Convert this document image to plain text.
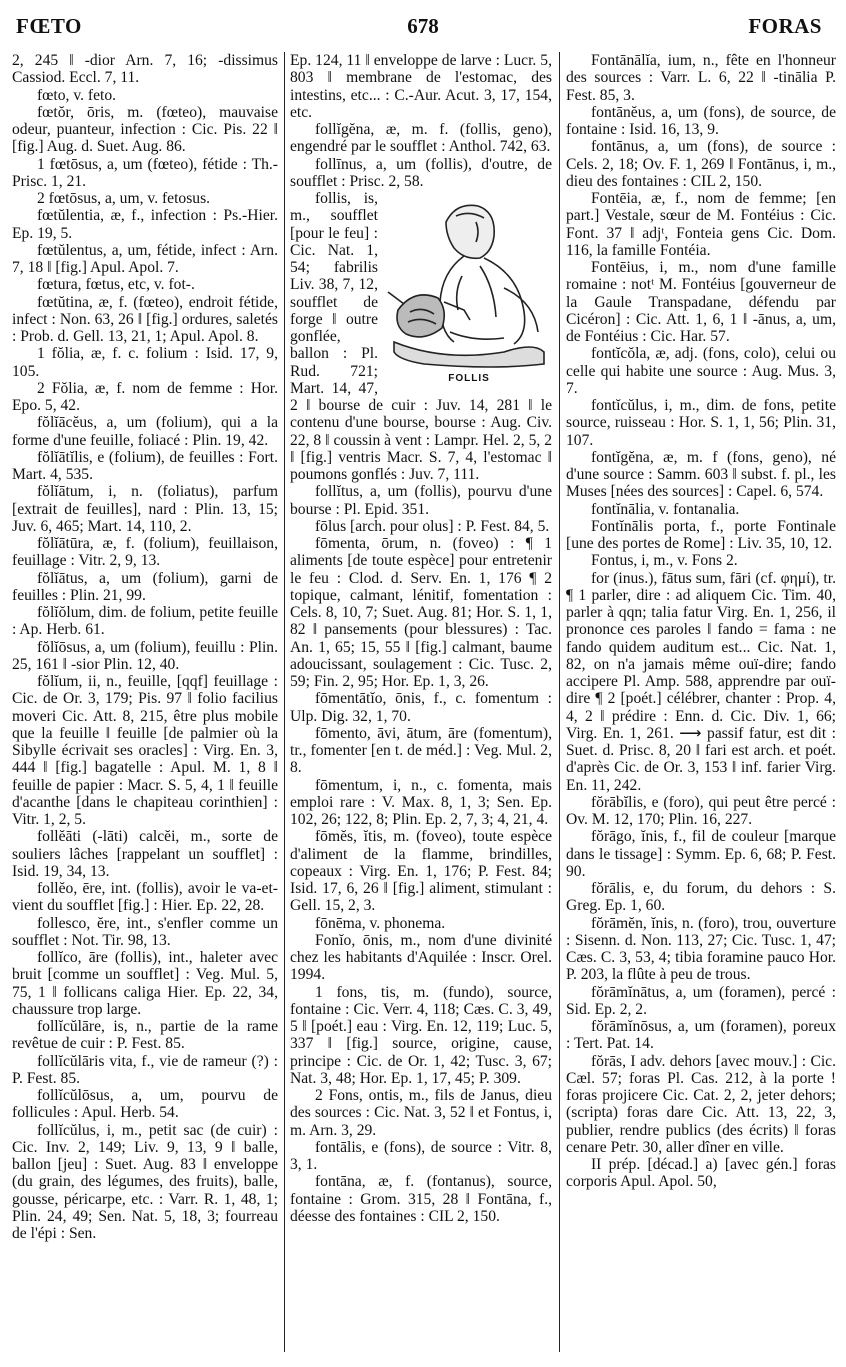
FŒTO	678	FORAS

2, 245 ‖ -dior Arn. 7, 16; -dissimus Cassiod. Eccl. 7, 11.

fœto, v. feto.

fœtŏr, ōris, m. (fœteo), mauvaise odeur, puanteur, infection : Cic. Pis. 22 ‖ [fig.] Aug. d. Suet. Aug. 86.

1 fœtōsus, a, um (fœteo), fétide : Th.-Prisc. 1, 21.

2 fœtōsus, a, um, v. fetosus.

fœtŭlentia, æ, f., infection : Ps.-Hier. Ep. 19, 5.

fœtŭlentus, a, um, fétide, infect : Arn. 7, 18 ‖ [fig.] Apul. Apol. 7.

fœtura, fœtus, etc, v. fot-.

fœtŭtina, æ, f. (fœteo), endroit fétide, infect : Non. 63, 26 ‖ [fig.] ordures, saletés : Prob. d. Gell. 13, 21, 1; Apul. Apol. 8.

1 fŏlia, æ, f. c. folium : Isid. 17, 9, 105.

2 Fŏlia, æ, f. nom de femme : Hor. Epo. 5, 42.

fŏlĭācĕus, a, um (folium), qui a la forme d'une feuille, foliacé : Plin. 19, 42.

fŏlĭātĭlis, e (folium), de feuilles : Fort. Mart. 4, 535.

fŏlĭātum, i, n. (foliatus), parfum [extrait de feuilles], nard : Plin. 13, 15; Juv. 6, 465; Mart. 14, 110, 2.

fŏlĭātūra, æ, f. (folium), feuillaison, feuillage : Vitr. 2, 9, 13.

fŏlĭātus, a, um (folium), garni de feuilles : Plin. 21, 99.

fŏlĭŏlum, dim. de folium, petite feuille : Ap. Herb. 61.

fŏlĭōsus, a, um (folium), feuillu : Plin. 25, 161 ‖ -sior Plin. 12, 40.

fŏlĭum, ii, n., feuille, [qqf] feuillage : Cic. de Or. 3, 179; Pis. 97 ‖ folio facilius moveri Cic. Att. 8, 215, être plus mobile que la feuille ‖ feuille [de palmier où la Sibylle écrivait ses oracles] : Virg. En. 3, 444 ‖ [fig.] bagatelle : Apul. M. 1, 8 ‖ feuille de papier : Macr. S. 5, 4, 1 ‖ feuille d'acanthe [dans le chapiteau corinthien] : Vitr. 1, 2, 5.

follĕāti (-lāti) calcĕi, m., sorte de souliers lâches [rappelant un soufflet] : Isid. 19, 34, 13.

follĕo, ēre, int. (follis), avoir le va-et-vient du soufflet [fig.] : Hier. Ep. 22, 28.

follesco, ĕre, int., s'enfler comme un soufflet : Not. Tir. 98, 13.

follĭco, āre (follis), int., haleter avec bruit [comme un soufflet] : Veg. Mul. 5, 75, 1 ‖ follicans caliga Hier. Ep. 22, 34, chaussure trop large.

follĭcŭlāre, is, n., partie de la rame revêtue de cuir : P. Fest. 85.

follĭcŭlāris vita, f., vie de rameur (?) : P. Fest. 85.

follĭcŭlōsus, a, um, pourvu de follicules : Apul. Herb. 54.

follĭcŭlus, i, m., petit sac (de cuir) : Cic. Inv. 2, 149; Liv. 9, 13, 9 ‖ balle, ballon [jeu] : Suet. Aug. 83 ‖ enveloppe (du grain, des légumes, des fruits), balle, gousse, péricarpe, etc. : Varr. R. 1, 48, 1; Plin. 24, 49; Sen. Nat. 5, 18, 3; fourreau de l'épi : Sen.

Ep. 124, 11 ‖ enveloppe de larve : Lucr. 5, 803 ‖ membrane de l'estomac, des intestins, etc... : C.-Aur. Acut. 3, 17, 154, etc.

follĭgĕna, æ, m. f. (follis, geno), engendré par le soufflet : Anthol. 742, 63.

follīnus, a, um (follis), d'outre, de soufflet : Prisc. 2, 58.

FOLLIS

follis, is, m., soufflet [pour le feu] : Cic. Nat. 1, 54; fabrilis Liv. 38, 7, 12, soufflet de forge ‖ outre gonflée, ballon : Pl. Rud. 721; Mart. 14, 47, 2 ‖ bourse de cuir : Juv. 14, 281 ‖ le contenu d'une bourse, bourse : Aug. Civ. 22, 8 ‖ coussin à vent : Lampr. Hel. 2, 5, 2 ‖ [fig.] ventris Macr. S. 7, 4, l'estomac ‖ poumons gonflés : Juv. 7, 111.

follĭtus, a, um (follis), pourvu d'une bourse : Pl. Epid. 351.

fōlus [arch. pour olus] : P. Fest. 84, 5.

fōmenta, ōrum, n. (foveo) : ¶ 1 aliments [de toute espèce] pour entretenir le feu : Clod. d. Serv. En. 1, 176 ¶ 2 topique, calmant, lénitif, fomentation : Cels. 8, 10, 7; Suet. Aug. 81; Hor. S. 1, 1, 82 ‖ pansements (pour blessures) : Tac. An. 1, 65; 15, 55 ‖ [fig.] calmant, baume adoucissant, soulagement : Cic. Tusc. 2, 59; Fin. 2, 95; Hor. Ep. 1, 3, 26.

fōmentātĭo, ōnis, f., c. fomentum : Ulp. Dig. 32, 1, 70.

fōmento, āvi, ātum, āre (fomentum), tr., fomenter [en t. de méd.] : Veg. Mul. 2, 8.

fōmentum, i, n., c. fomenta, mais emploi rare : V. Max. 8, 1, 3; Sen. Ep. 102, 26; 122, 8; Plin. Ep. 2, 7, 3; 4, 21, 4.

fōmĕs, ĭtis, m. (foveo), toute espèce d'aliment de la flamme, brindilles, copeaux : Virg. En. 1, 176; P. Fest. 84; Isid. 17, 6, 26 ‖ [fig.] aliment, stimulant : Gell. 15, 2, 3.

fōnēma, v. phonema.

Fonĭo, ōnis, m., nom d'une divinité chez les habitants d'Aquilée : Inscr. Orel. 1994.

1 fons, tis, m. (fundo), source, fontaine : Cic. Verr. 4, 118; Cæs. C. 3, 49, 5 ‖ [poét.] eau : Virg. En. 12, 119; Luc. 5, 337 ‖ [fig.] source, origine, cause, principe : Cic. de Or. 1, 42; Tusc. 3, 67; Nat. 3, 48; Hor. Ep. 1, 17, 45; P. 309.

2 Fons, ontis, m., fils de Janus, dieu des sources : Cic. Nat. 3, 52 ‖ et Fontus, i, m. Arn. 3, 29.

fontālis, e (fons), de source : Vitr. 8, 3, 1.

fontāna, æ, f. (fontanus), source, fontaine : Grom. 315, 28 ‖ Fontāna, f., déesse des fontaines : CIL 2, 150.

Fontānālĭa, ium, n., fête en l'honneur des sources : Varr. L. 6, 22 ‖ -tinālia P. Fest. 85, 3.

fontānĕus, a, um (fons), de source, de fontaine : Isid. 16, 13, 9.

fontānus, a, um (fons), de source : Cels. 2, 18; Ov. F. 1, 269 ‖ Fontānus, i, m., dieu des fontaines : CIL 2, 150.

Fontēia, æ, f., nom de femme; [en part.] Vestale, sœur de M. Fontéius : Cic. Font. 37 ‖ adjᵗ, Fonteia gens Cic. Dom. 116, la famille Fontéia.

Fontēius, i, m., nom d'une famille romaine : notᵗ M. Fontéius [gouverneur de la Gaule Transpadane, défendu par Cicéron] : Cic. Att. 1, 6, 1 ‖ -ānus, a, um, de Fontéius : Cic. Har. 57.

fontĭcŏla, æ, adj. (fons, colo), celui ou celle qui habite une source : Aug. Mus. 3, 7.

fontĭcŭlus, i, m., dim. de fons, petite source, ruisseau : Hor. S. 1, 1, 56; Plin. 31, 107.

fontĭgĕna, æ, m. f (fons, geno), né d'une source : Samm. 603 ‖ subst. f. pl., les Muses [nées des sources] : Capel. 6, 574.

fontĭnālia, v. fontanalia.

Fontĭnālis porta, f., porte Fontinale [une des portes de Rome] : Liv. 35, 10, 12.

Fontus, i, m., v. Fons 2.

for (inus.), fātus sum, fāri (cf. φημί), tr. ¶ 1 parler, dire : ad aliquem Cic. Tim. 40, parler à qqn; talia fatur Virg. En. 1, 256, il prononce ces paroles ‖ fando = fama : ne fando quidem auditum est... Cic. Nat. 1, 82, on n'a jamais même ouï-dire; fando accipere Pl. Amp. 588, apprendre par ouï-dire ¶ 2 [poét.] célébrer, chanter : Prop. 4, 4, 2 ‖ prédire : Enn. d. Cic. Div. 1, 66; Virg. En. 1, 261. ⟶ passif fatur, est dit : Suet. d. Prisc. 8, 20 ‖ fari est arch. et poét. d'après Cic. de Or. 3, 153 ‖ inf. farier Virg. En. 11, 242.

fŏrābĭlis, e (foro), qui peut être percé : Ov. M. 12, 170; Plin. 16, 227.

fŏrāgo, ĭnis, f., fil de couleur [marque dans le tissage] : Symm. Ep. 6, 68; P. Fest. 90.

fŏrālis, e, du forum, du dehors : S. Greg. Ep. 1, 60.

fŏrāmĕn, ĭnis, n. (foro), trou, ouverture : Sisenn. d. Non. 113, 27; Cic. Tusc. 1, 47; Cæs. C. 3, 53, 4; tibia foramine pauco Hor. P. 203, la flûte à peu de trous.

fŏrāmĭnātus, a, um (foramen), percé : Sid. Ep. 2, 2.

fŏrāmĭnōsus, a, um (foramen), poreux : Tert. Pat. 14.

fŏrās, I adv. dehors [avec mouv.] : Cic. Cæl. 57; foras Pl. Cas. 212, à la porte ! foras projicere Cic. Cat. 2, 2, jeter dehors; (scripta) foras dare Cic. Att. 13, 22, 3, publier, rendre publics (des écrits) ‖ foras cenare Petr. 30, aller dîner en ville.

II prép. [décad.] a) [avec gén.] foras corporis Apul. Apol. 50,
